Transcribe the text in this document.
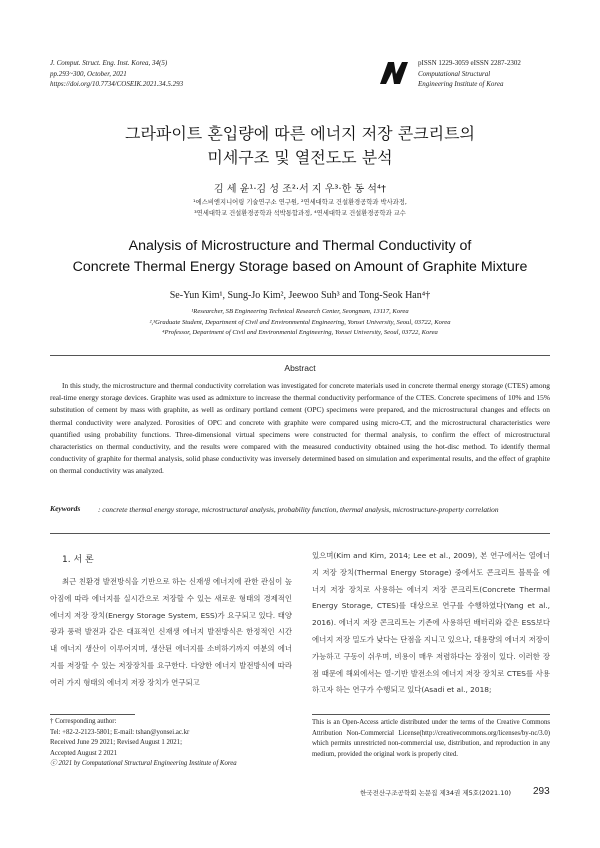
J. Comput. Struct. Eng. Inst. Korea, 34(5)
pp.293~300, October, 2021
https://doi.org/10.7734/COSEIK.2021.34.5.293
pISSN 1229-3059 eISSN 2287-2302
Computational Structural
Engineering Institute of Korea
그라파이트 혼입량에 따른 에너지 저장 콘크리트의
미세구조 및 열전도도 분석
김 세 윤¹·김 성 조²·서 지 우³·한 동 석⁴†
¹에스비엔지니어링 기술연구소 연구원, ²연세대학교 건설환경공학과 박사과정,
³연세대학교 건설환경공학과 석박통합과정, ⁴연세대학교 건설환경공학과 교수
Analysis of Microstructure and Thermal Conductivity of
Concrete Thermal Energy Storage based on Amount of Graphite Mixture
Se-Yun Kim¹, Sung-Jo Kim², Jeewoo Suh³ and Tong-Seok Han⁴†
¹Researcher, SB Engineering Technical Research Center, Seongnam, 13117, Korea
²,³Graduate Student, Department of Civil and Environmental Engineering, Yonsei University, Seoul, 03722, Korea
⁴Professor, Department of Civil and Environmental Engineering, Yonsei University, Seoul, 03722, Korea
Abstract
In this study, the microstructure and thermal conductivity correlation was investigated for concrete materials used in concrete thermal energy storage (CTES) among real-time energy storage devices. Graphite was used as admixture to increase the thermal conductivity performance of the CTES. Concrete specimens of 10% and 15% substitution of cement by mass with graphite, as well as ordinary portland cement (OPC) specimens were prepared, and the microstructural changes and effects on thermal conductivity were analyzed. Porosities of OPC and concrete with graphite were compared using micro-CT, and the microstructural characteristics were quantified using probability functions. Three-dimensional virtual specimens were constructed for thermal analysis, to confirm the effect of microstructural characteristics on thermal conductivity, and the results were compared with the measured conductivity obtained using the hot-disc method. To identify thermal conductivity of graphite for thermal analysis, solid phase conductivity was inversely determined based on simulation and experimental results, and the effect of graphite on thermal conductivity was analyzed.
Keywords : concrete thermal energy storage, microstructural analysis, probability function, thermal analysis, microstructure-property correlation
1. 서 론
최근 친환경 발전방식을 기반으로 하는 신재생 에너지에 관한 관심이 높아짐에 따라 에너지를 실시간으로 저장할 수 있는 새로운 형태의 경제적인 에너지 저장 장치(Energy Storage System, ESS)가 요구되고 있다. 태양광과 풍력 발전과 같은 대표적인 신재생 에너지 발전방식은 한정적인 시간 내 에너지 생산이 이루어지며, 생산된 에너지를 소비하기까지 여분의 에너지를 저장할 수 있는 저장장치를 요구한다. 다양한 에너지 발전방식에 따라 여러 가지 형태의 에너지 저장 장치가 연구되고
있으며(Kim and Kim, 2014; Lee et al., 2009), 본 연구에서는 열에너지 저장 장치(Thermal Energy Storage) 중에서도 콘크리트 블록을 에너지 저장 장치로 사용하는 에너지 저장 콘크리트(Concrete Thermal Energy Storage, CTES)를 대상으로 연구를 수행하였다(Yang et al., 2016). 에너지 저장 콘크리트는 기존에 사용하던 배터리와 같은 ESS보다 에너지 저장 밀도가 낮다는 단점을 지니고 있으나, 대용량의 에너지 저장이 가능하고 구동이 쉬우며, 비용이 매우 저렴하다는 장점이 있다. 이러한 장점 때문에 해외에서는 열-기반 발전소의 에너지 저장 장치로 CTES를 사용하고자 하는 연구가 수행되고 있다(Asadi et al., 2018;
† Corresponding author:
Tel: +82-2-2123-5801; E-mail: tshan@yonsei.ac.kr
Received June 29 2021; Revised August 1 2021;
Accepted August 2 2021
ⓒ 2021 by Computational Structural Engineering Institute of Korea
This is an Open-Access article distributed under the terms of the Creative Commons Attribution Non-Commercial License(http://creativecommons.org/licenses/by-nc/3.0) which permits unrestricted non-commercial use, distribution, and reproduction in any medium, provided the original work is properly cited.
한국전산구조공학회 논문집 제34권 제5호(2021.10) 293
